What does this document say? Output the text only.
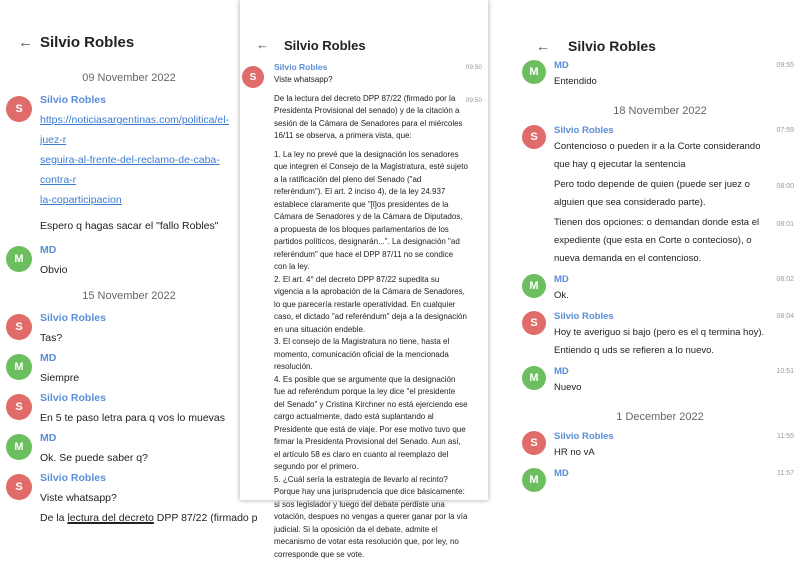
← Silvio Robles
09 November 2022
S
Silvio Robles
https://noticiasargentinas.com/politica/el-juez-r
seguira-al-frente-del-reclamo-de-caba-contra-r
la-coparticipacion
Espero q hagas sacar el "fallo Robles"
M
MD
Obvio
15 November 2022
S
Silvio Robles
Tas?
M
MD
Siempre
S
Silvio Robles
En 5 te paso letra para q vos lo muevas
M
MD
Ok. Se puede saber q?
S
Silvio Robles
Viste whatsapp?
De la lectura del decreto DPP 87/22 (firmado p
← Silvio Robles
S
09:50
Silvio Robles
Viste whatsapp?
De la lectura del decreto DPP 87/22 (firmado por la Presidenta Provisional del senado) y de la citación a sesión de la Cámara de Senadores para el miércoles 16/11 se observa, a primera vista, que:
1. La ley no prevé que la designación los senadores que integren el Consejo de la Magistratura, esté sujeto a la ratificación del pleno del Senado ("ad referéndum"). El art. 2 inciso 4), de la ley 24.937 establece claramente que "[l]os presidentes de la Cámara de Senadores y de la Cámara de Diputados, a propuesta de los bloques parlamentarios de los partidos políticos, designarán...". La designación "ad referéndum" que hace el DPP 87/11 no se condice con la ley.
2. El art. 4° del decreto DPP 87/22 supedita su vigencia a la aprobación de la Cámara de Senadores, lo que parecería restarle operatividad. En cualquier caso, el dictado "ad referéndum" deja a la designación en una situación endeble.
3. El consejo de la Magistratura no tiene, hasta el momento, comunicación oficial de la mencionada resolución.
4. Es posible que se argumente que la designación fue ad referéndum porque la ley dice "el presidente del Senado" y Cristina Kirchner no está ejerciendo ese cargo actualmente, dado está suplantando al Presidente que está de viaje. Por ese motivo tuvo que firmar la Presidenta Provisional del Senado. Aun así, el artículo 58 es claro en cuanto al reemplazo del segundo por el primero.
5. ¿Cuál sería la estrategia de llevarlo al recinto? Porque hay una jurisprudencia que dice básicamente: si sos legislador y luego del debate perdiste una votación, despues no vengas a querer ganar por la vía judicial. Si la oposición da el debate, admite el mecanismo de votar esta resolución que, por ley, no corresponde que se vote.
09:50
← Silvio Robles
M
09:55
MD
Entendido
18 November 2022
S
07:59
Silvio Robles
Contencioso o pueden ir a la Corte considerando que hay q ejecutar la sentencia
Pero todo depende de quien (puede ser juez o alguien que sea considerado parte).
08:00
Tienen dos opciones: o demandan donde esta el expediente (que esta en Corte o contecioso), o nueva demanda en el contencioso.
08:01
M
08:02
MD
Ok.
S
08:04
Silvio Robles
Hoy te averiguo si bajo (pero es el q termina hoy). Entiendo q uds se refieren a lo nuevo.
M
10:51
MD
Nuevo
1 December 2022
S
11:55
Silvio Robles
HR no vA
M
11:57
MD
